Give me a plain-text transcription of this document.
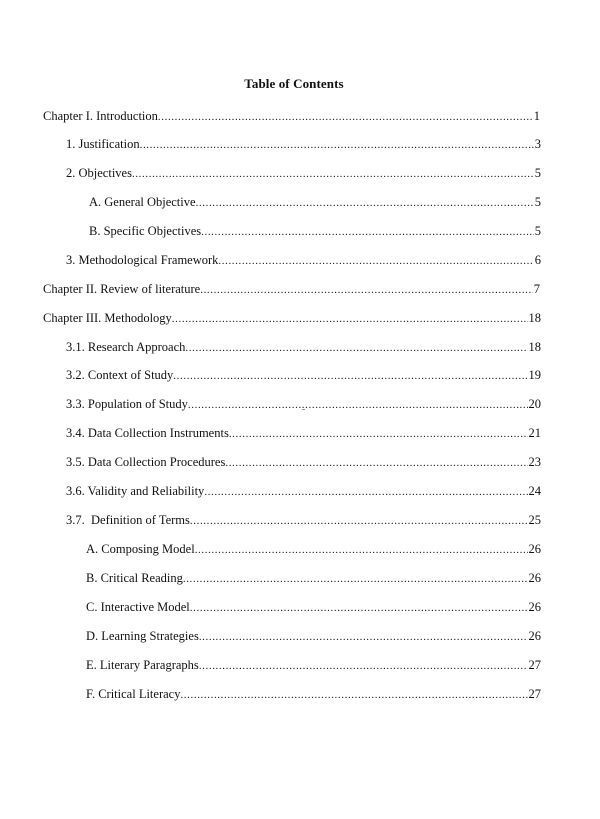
Table of Contents
Chapter I. Introduction .....	1
1. Justification .....	3
2. Objectives .....	5
A. General Objective .....	5
B. Specific Objectives .....	5
3. Methodological Framework .....	6
Chapter II. Review of literature .....	7
Chapter III. Methodology .....	18
3.1. Research Approach .....	18
3.2. Context of Study .....	19
3.3. Population of Study .....	20
3.4. Data Collection Instruments .....	21
3.5. Data Collection Procedures .....	23
3.6. Validity and Reliability .....	24
3.7.  Definition of Terms .....	25
A. Composing Model .....	26
B. Critical Reading .....	26
C. Interactive Model .....	26
D. Learning Strategies .....	26
E. Literary Paragraphs .....	27
F. Critical Literacy .....	27
